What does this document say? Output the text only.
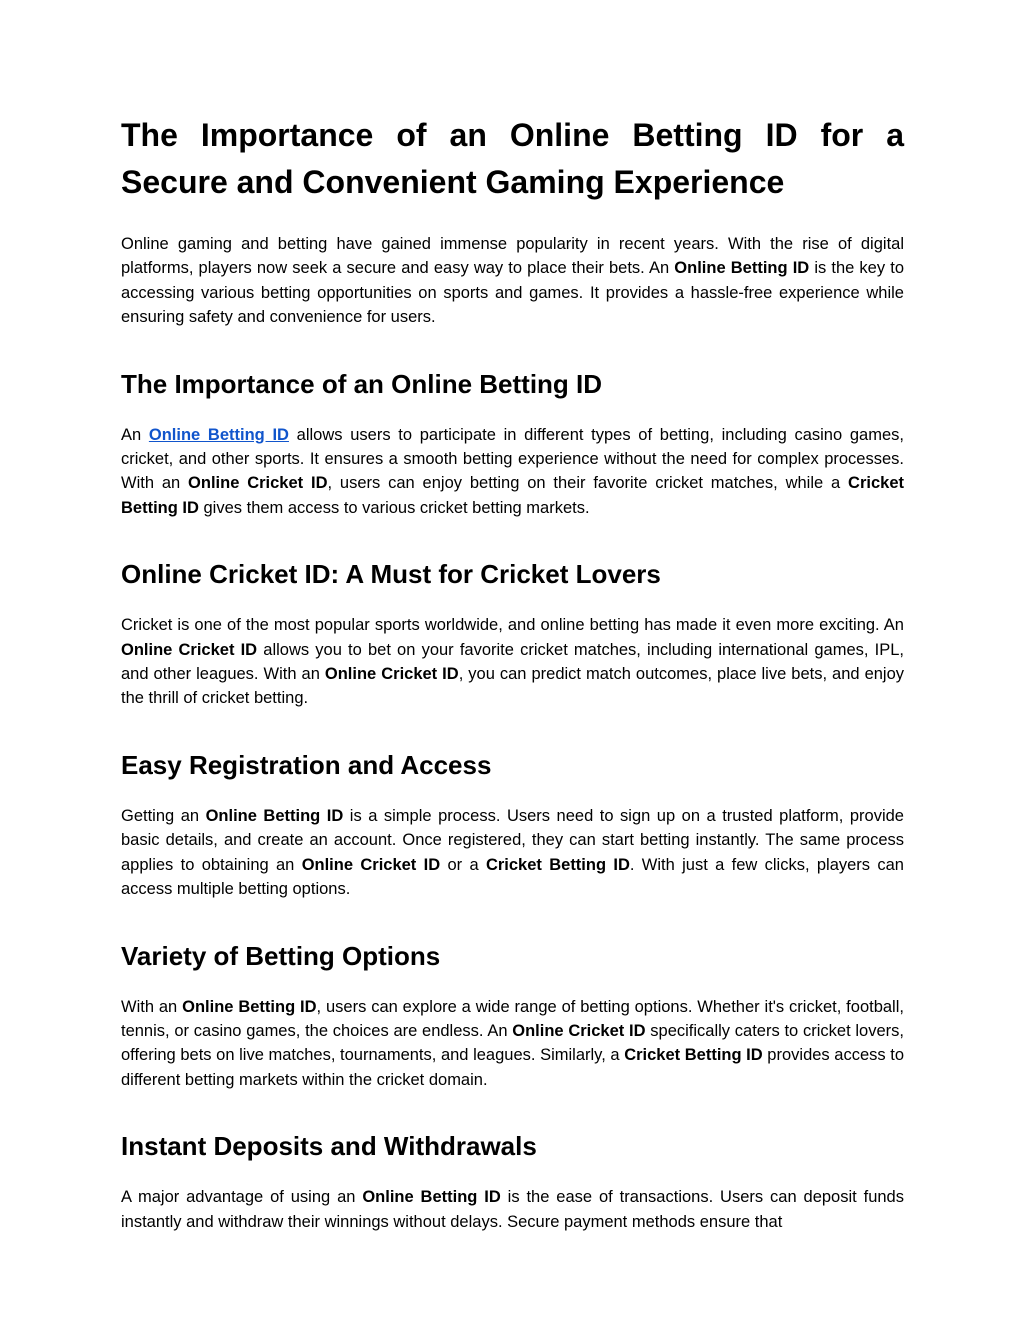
The Importance of an Online Betting ID for a Secure and Convenient Gaming Experience

Online gaming and betting have gained immense popularity in recent years. With the rise of digital platforms, players now seek a secure and easy way to place their bets. An Online Betting ID is the key to accessing various betting opportunities on sports and games. It provides a hassle-free experience while ensuring safety and convenience for users.

The Importance of an Online Betting ID

An Online Betting ID allows users to participate in different types of betting, including casino games, cricket, and other sports. It ensures a smooth betting experience without the need for complex processes. With an Online Cricket ID, users can enjoy betting on their favorite cricket matches, while a Cricket Betting ID gives them access to various cricket betting markets.

Online Cricket ID: A Must for Cricket Lovers

Cricket is one of the most popular sports worldwide, and online betting has made it even more exciting. An Online Cricket ID allows you to bet on your favorite cricket matches, including international games, IPL, and other leagues. With an Online Cricket ID, you can predict match outcomes, place live bets, and enjoy the thrill of cricket betting.

Easy Registration and Access

Getting an Online Betting ID is a simple process. Users need to sign up on a trusted platform, provide basic details, and create an account. Once registered, they can start betting instantly. The same process applies to obtaining an Online Cricket ID or a Cricket Betting ID. With just a few clicks, players can access multiple betting options.

Variety of Betting Options

With an Online Betting ID, users can explore a wide range of betting options. Whether it's cricket, football, tennis, or casino games, the choices are endless. An Online Cricket ID specifically caters to cricket lovers, offering bets on live matches, tournaments, and leagues. Similarly, a Cricket Betting ID provides access to different betting markets within the cricket domain.

Instant Deposits and Withdrawals

A major advantage of using an Online Betting ID is the ease of transactions. Users can deposit funds instantly and withdraw their winnings without delays. Secure payment methods ensure that
